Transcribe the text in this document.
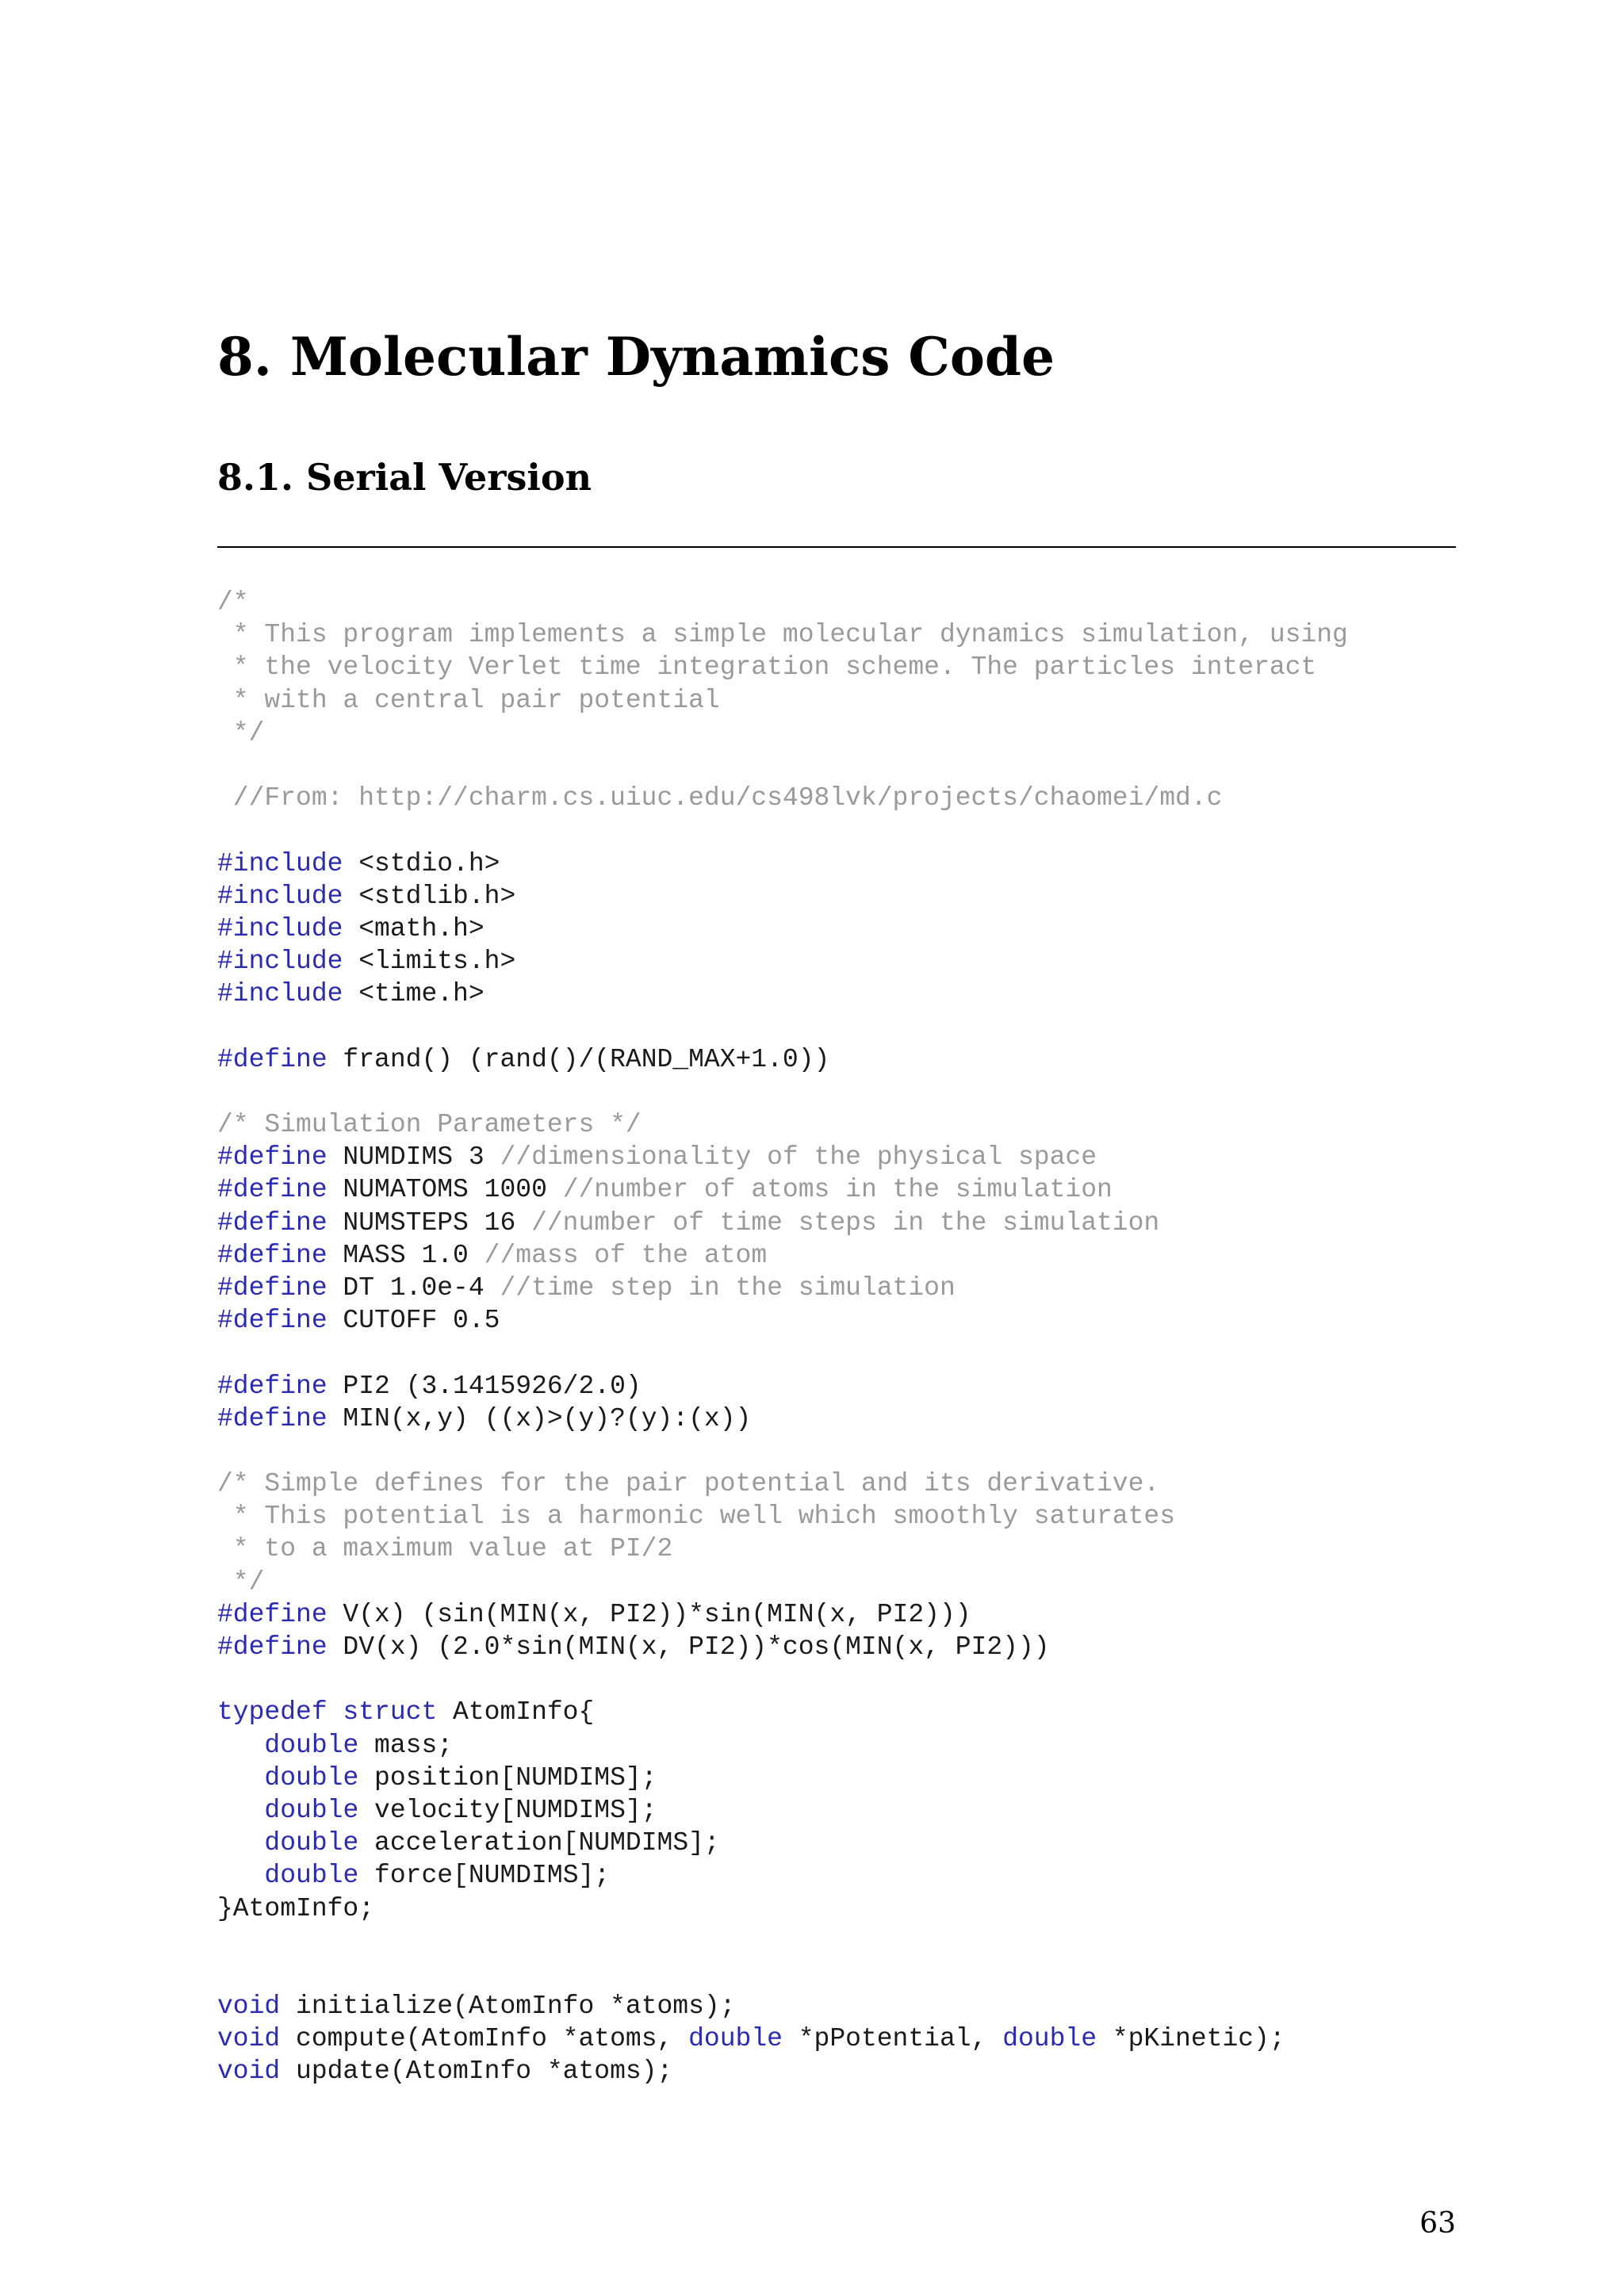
8. Molecular Dynamics Code
8.1. Serial Version
/*
* This program implements a simple molecular dynamics simulation, using
* the velocity Verlet time integration scheme. The particles interact
* with a central pair potential
*/
//From: http://charm.cs.uiuc.edu/cs498lvk/projects/chaomei/md.c
#include <stdio.h>
#include <stdlib.h>
#include <math.h>
#include <limits.h>
#include <time.h>
#define frand() (rand()/(RAND_MAX+1.0))
/* Simulation Parameters */
#define NUMDIMS 3 //dimensionality of the physical space
#define NUMATOMS 1000 //number of atoms in the simulation
#define NUMSTEPS 16 //number of time steps in the simulation
#define MASS 1.0 //mass of the atom
#define DT 1.0e-4 //time step in the simulation
#define CUTOFF 0.5
#define PI2 (3.1415926/2.0)
#define MIN(x,y) ((x)>(y)?(y):(x))
/* Simple defines for the pair potential and its derivative.
* This potential is a harmonic well which smoothly saturates
* to a maximum value at PI/2
*/
#define V(x) (sin(MIN(x, PI2))*sin(MIN(x, PI2)))
#define DV(x) (2.0*sin(MIN(x, PI2))*cos(MIN(x, PI2)))
typedef struct AtomInfo{
double mass;
double position[NUMDIMS];
double velocity[NUMDIMS];
double acceleration[NUMDIMS];
double force[NUMDIMS];
}AtomInfo;
void initialize(AtomInfo *atoms);
void compute(AtomInfo *atoms, double *pPotential, double *pKinetic);
void update(AtomInfo *atoms);
63
